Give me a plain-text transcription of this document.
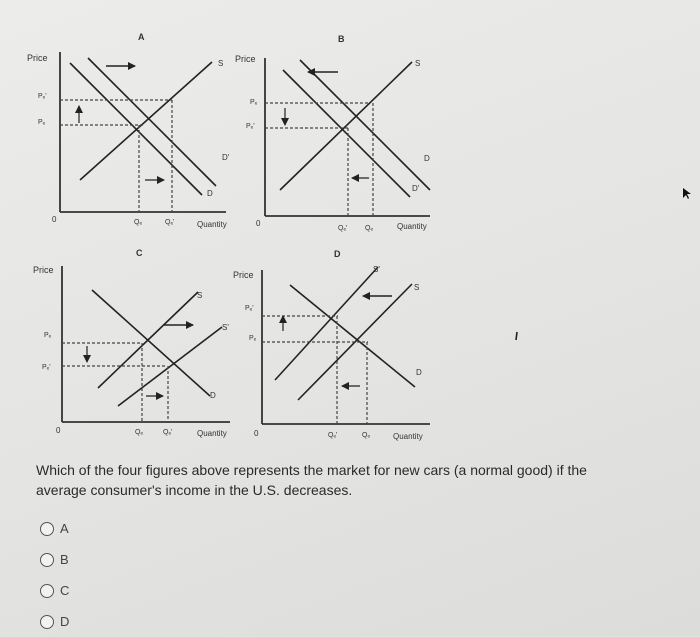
A
Price
Quantity
0
Pₑ'
Pₑ
Qₑ	Qₑ'
S
D'
D
B
Price
Quantity
0
Pₑ
Pₑ'
Qₑ'	Qₑ
S
D
D'
C
Price
Quantity
0
Pₑ
Pₑ'
Qₑ	Qₑ'
S
S'
D
D
Price
Quantity
0
Pₑ'
Pₑ
Qₑ'	Qₑ
S'
S
D
Which of the four figures above represents the market for new cars (a normal good) if the average consumer's income in the U.S. decreases.
A
B
C
D
